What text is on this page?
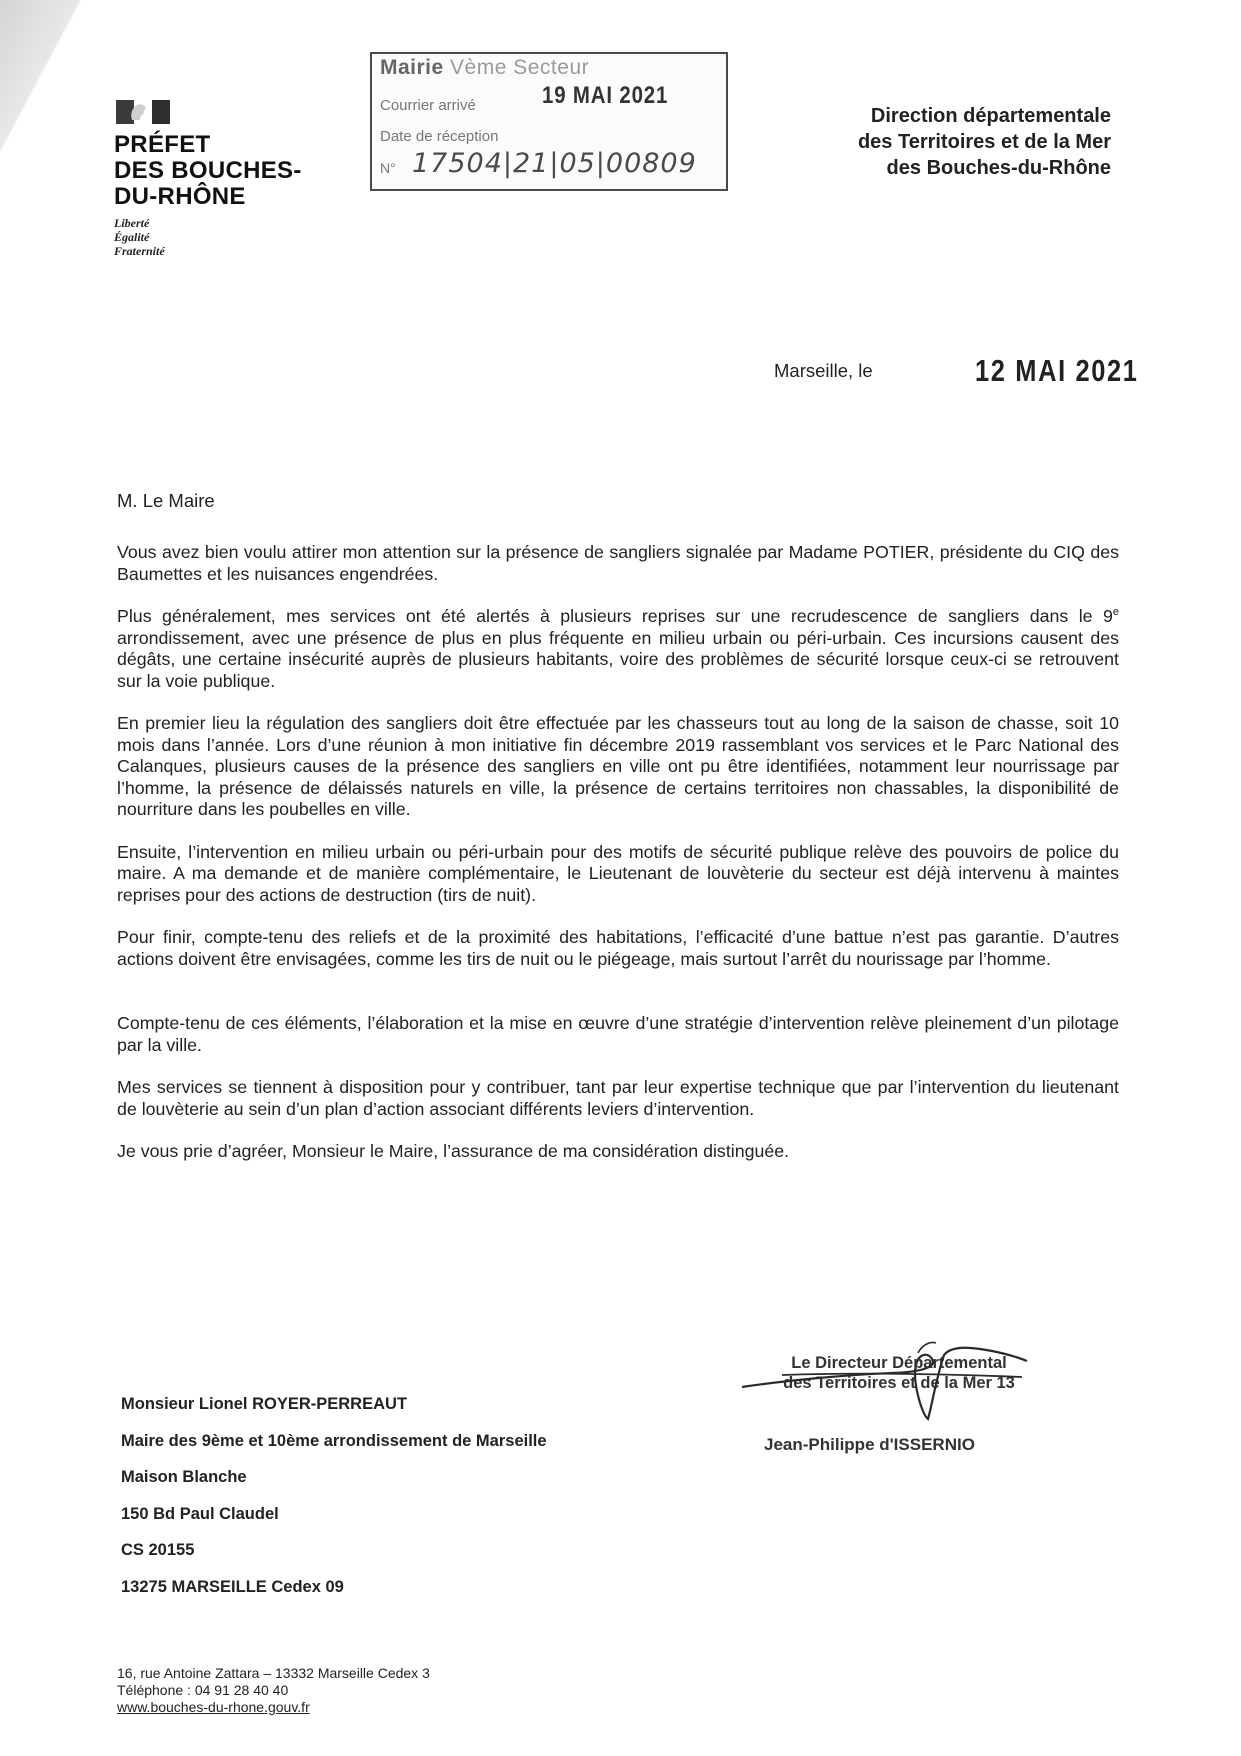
PRÉFET
DES BOUCHES-
DU-RHÔNE
Liberté
Égalité
Fraternité
Mairie Vème Secteur
Courrier arrivé	19 MAI 2021
Date de réception
N° 17504|21|05|00809
Direction départementale
des Territoires et de la Mer
des Bouches-du-Rhône
Marseille, le	12 MAI 2021
M. Le Maire

Vous avez bien voulu attirer mon attention sur la présence de sangliers signalée par Madame POTIER, présidente du CIQ des Baumettes et les nuisances engendrées.

Plus généralement, mes services ont été alertés à plusieurs reprises sur une recrudescence de sangliers dans le 9e arrondissement, avec une présence de plus en plus fréquente en milieu urbain ou péri-urbain. Ces incursions causent des dégâts, une certaine insécurité auprès de plusieurs habitants, voire des problèmes de sécurité lorsque ceux-ci se retrouvent sur la voie publique.

En premier lieu la régulation des sangliers doit être effectuée par les chasseurs tout au long de la saison de chasse, soit 10 mois dans l’année. Lors d’une réunion à mon initiative fin décembre 2019 rassemblant vos services et le Parc National des Calanques, plusieurs causes de la présence des sangliers en ville ont pu être identifiées, notamment leur nourrissage par l’homme, la présence de délaissés naturels en ville, la présence de certains territoires non chassables, la disponibilité de nourriture dans les poubelles en ville.

Ensuite, l’intervention en milieu urbain ou péri-urbain pour des motifs de sécurité publique relève des pouvoirs de police du maire. A ma demande et de manière complémentaire, le Lieutenant de louvèterie du secteur est déjà intervenu à maintes reprises pour des actions de destruction (tirs de nuit).

Pour finir, compte-tenu des reliefs et de la proximité des habitations, l’efficacité d’une battue n’est pas garantie. D’autres actions doivent être envisagées, comme les tirs de nuit ou le piégeage, mais surtout l’arrêt du nourissage par l’homme.

Compte-tenu de ces éléments, l’élaboration et la mise en œuvre d’une stratégie d’intervention relève pleinement d’un pilotage par la ville.

Mes services se tiennent à disposition pour y contribuer, tant par leur expertise technique que par l’intervention du lieutenant de louvèterie au sein d’un plan d’action associant différents leviers d’intervention.

Je vous prie d’agréer, Monsieur le Maire, l’assurance de ma considération distinguée.

Le Directeur Départemental
des Territoires et de la Mer 13
Jean-Philippe d'ISSERNIO
Monsieur Lionel ROYER-PERREAUT
Maire des 9ème et 10ème arrondissement de Marseille
Maison Blanche
150 Bd Paul Claudel
CS 20155
13275 MARSEILLE Cedex 09
16, rue Antoine Zattara – 13332 Marseille Cedex 3
Téléphone : 04 91 28 40 40
www.bouches-du-rhone.gouv.fr
